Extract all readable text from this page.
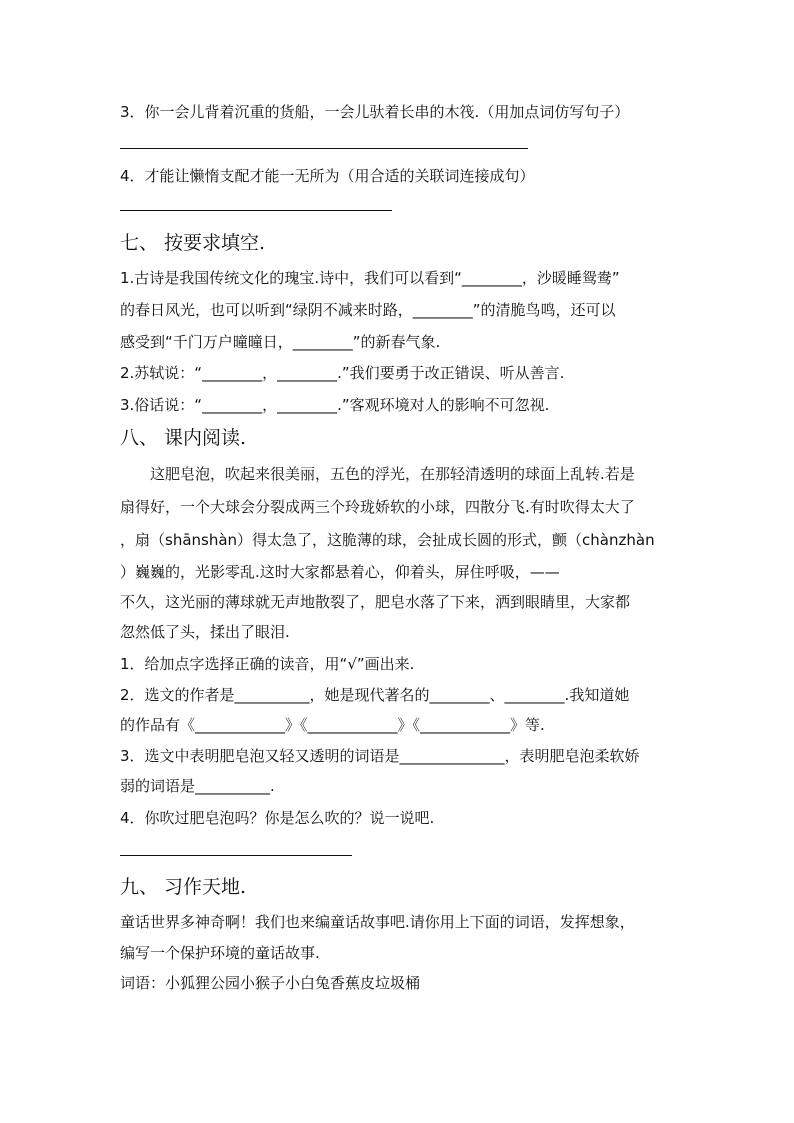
3．你一会儿背着沉重的货船，一会儿驮着长串的木筏.（用加点词仿写句子）
4．才能让懒惰支配才能一无所为（用合适的关联词连接成句）
七、 按要求填空.
1.古诗是我国传统文化的瑰宝.诗中，我们可以看到“________，沙暖睡鸳鸯”
的春日风光，也可以听到“绿阴不减来时路，________”的清脆鸟鸣，还可以
感受到“千门万户曈曈日，________”的新春气象.
2.苏轼说：“________，________.”我们要勇于改正错误、听从善言.
3.俗话说：“________，________.”客观环境对人的影响不可忽视.
八、 课内阅读.
　　这肥皂泡，吹起来很美丽，五色的浮光，在那轻清透明的球面上乱转.若是
扇得好，一个大球会分裂成两三个玲珑娇软的小球，四散分飞.有时吹得太大了
，扇（shānshàn）得太急了，这脆薄的球，会扯成长圆的形式，颤（chànzhàn
）巍巍的，光影零乱.这时大家都悬着心，仰着头，屏住呼吸，——
不久，这光丽的薄球就无声地散裂了，肥皂水落了下来，洒到眼睛里，大家都
忽然低了头，揉出了眼泪.
1．给加点字选择正确的读音，用“√”画出来.
2．选文的作者是__________，她是现代著名的________、________.我知道她
的作品有《____________》《____________》《____________》等.
3．选文中表明肥皂泡又轻又透明的词语是______________，表明肥皂泡柔软娇
弱的词语是__________.
4．你吹过肥皂泡吗？你是怎么吹的？说一说吧.
九、 习作天地.
童话世界多神奇啊！我们也来编童话故事吧.请你用上下面的词语，发挥想象，
编写一个保护环境的童话故事.
词语：小狐狸公园小猴子小白兔香蕉皮垃圾桶
